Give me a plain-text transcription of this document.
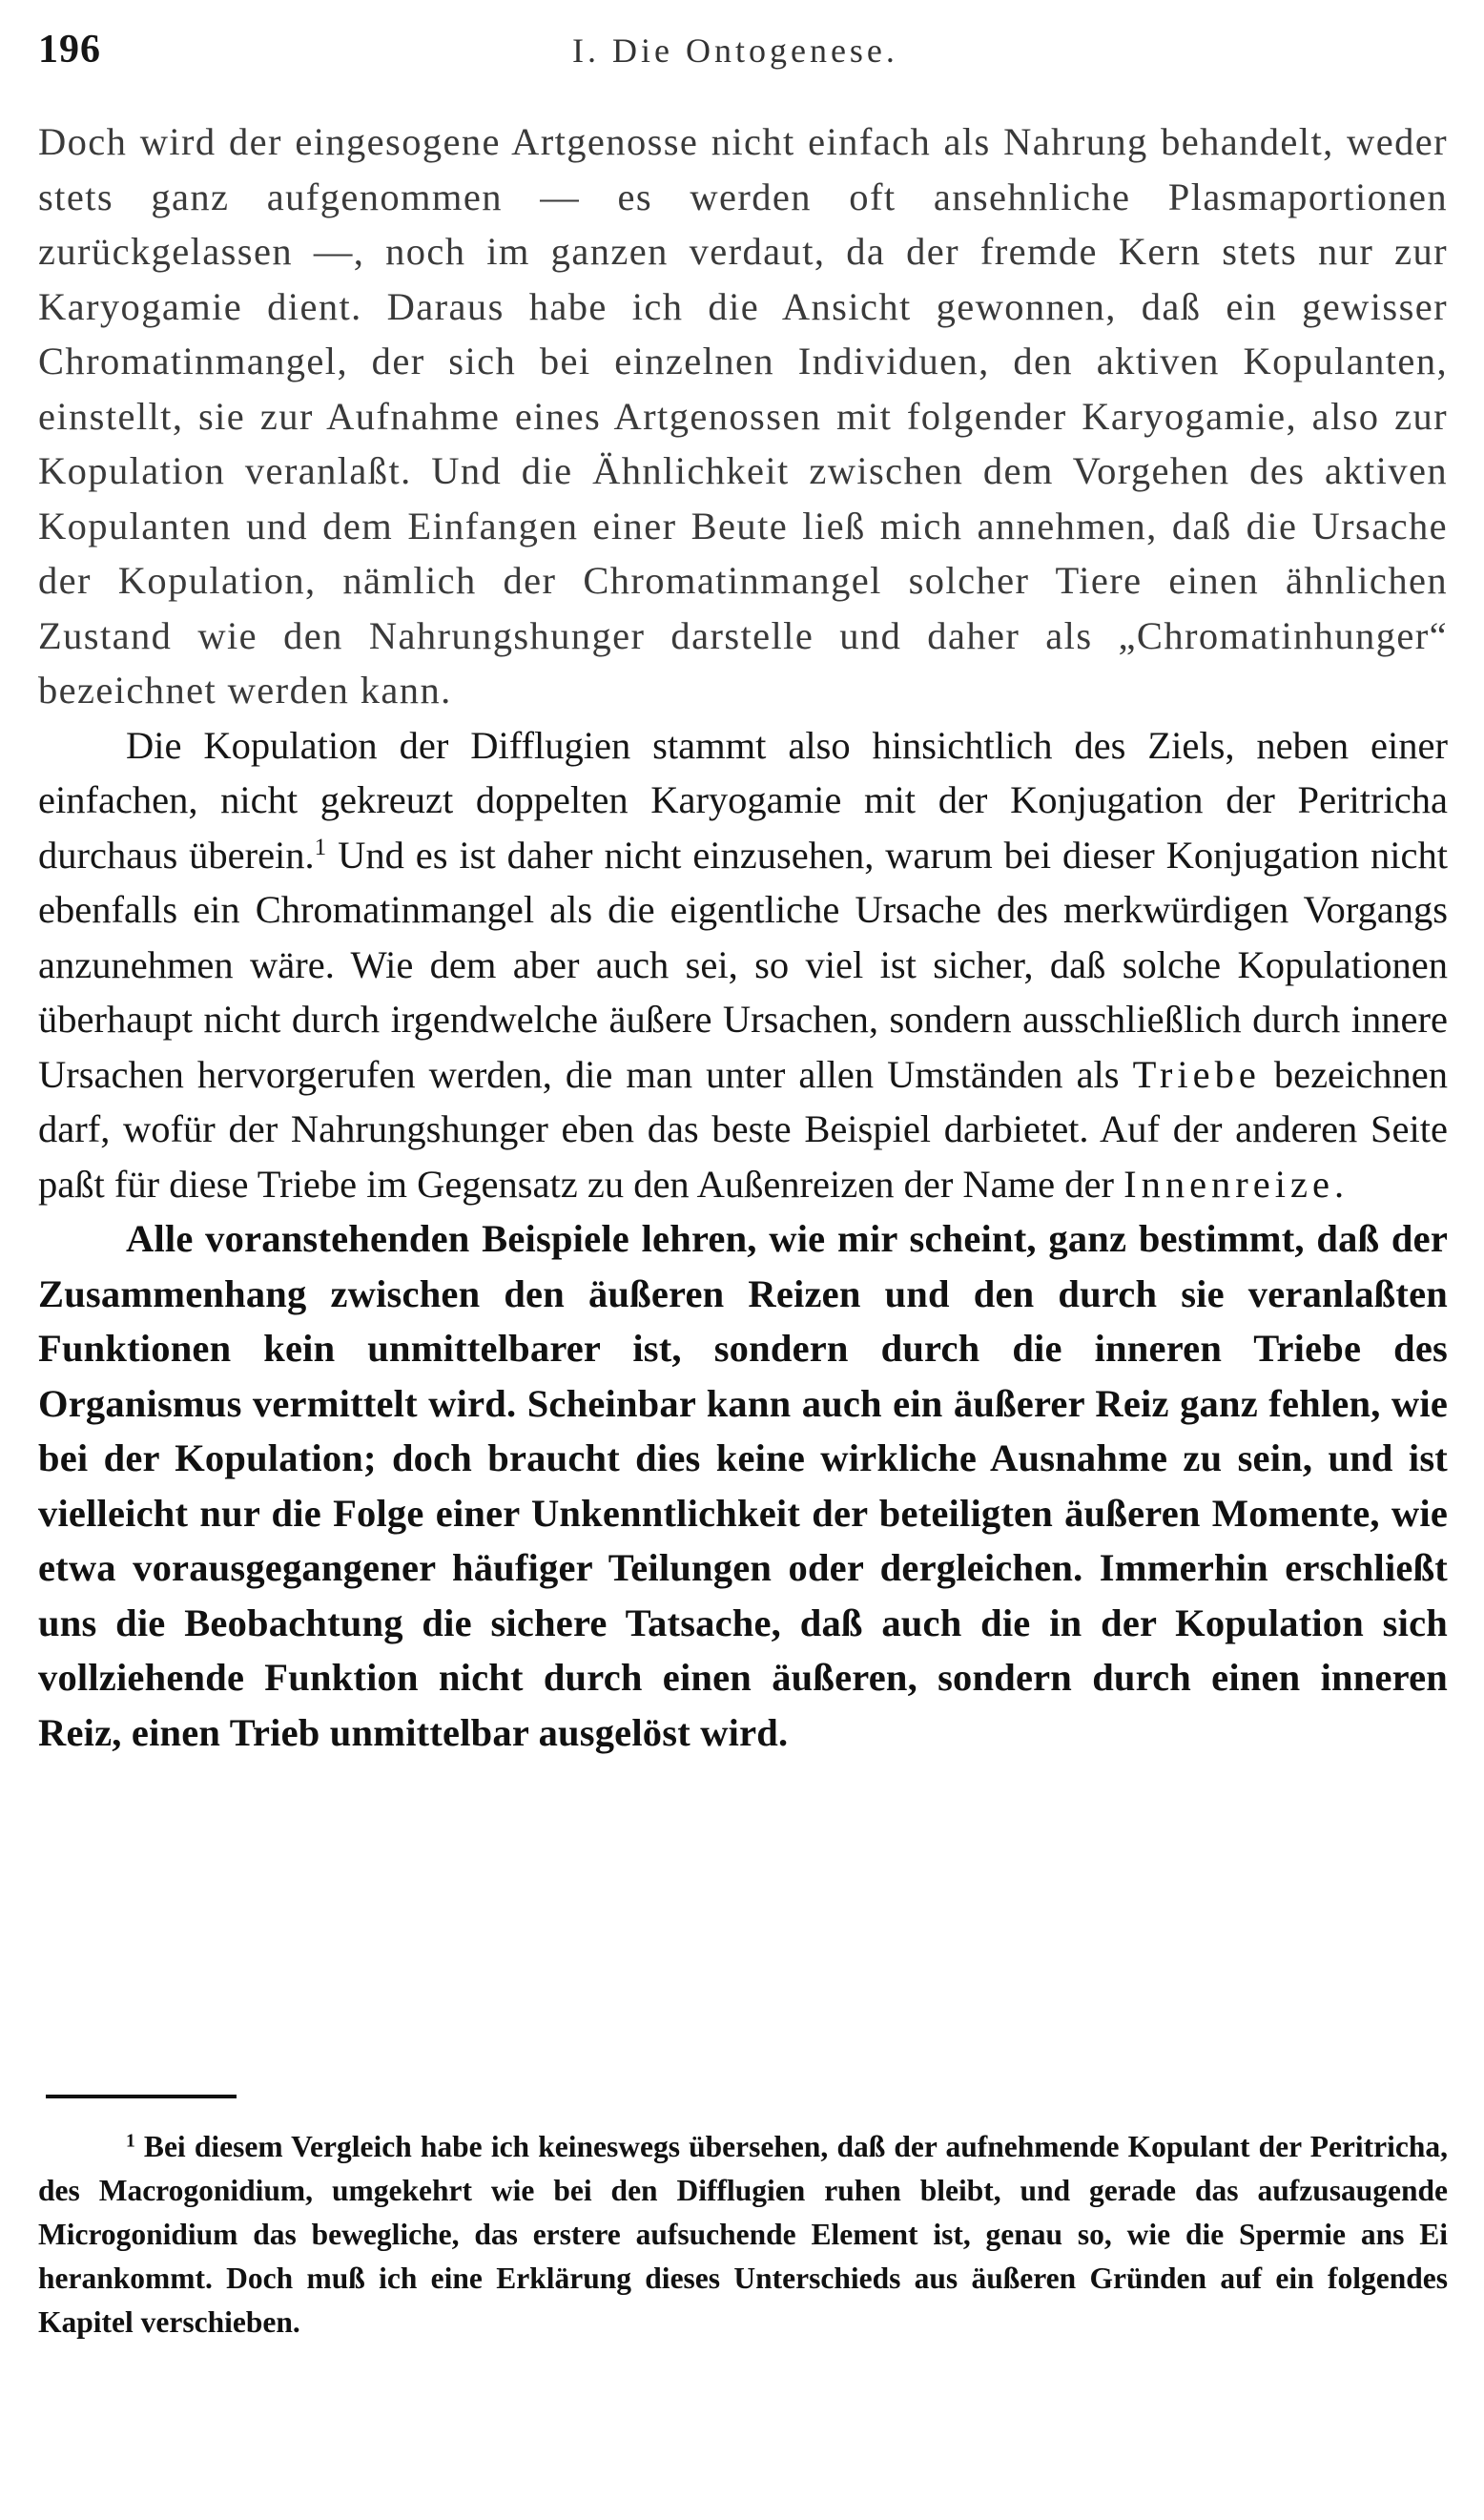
196	I. Die Ontogenese.

Doch wird der eingesogene Artgenosse nicht einfach als Nahrung behandelt, weder stets ganz aufgenommen — es werden oft ansehnliche Plasmaportionen zurückgelassen —, noch im ganzen verdaut, da der fremde Kern stets nur zur Karyogamie dient. Daraus habe ich die Ansicht gewonnen, daß ein gewisser Chromatinmangel, der sich bei einzelnen Individuen, den aktiven Kopulanten, einstellt, sie zur Aufnahme eines Artgenossen mit folgender Karyogamie, also zur Kopulation veranlaßt. Und die Ähnlichkeit zwischen dem Vorgehen des aktiven Kopulanten und dem Einfangen einer Beute ließ mich annehmen, daß die Ursache der Kopulation, nämlich der Chromatinmangel solcher Tiere einen ähnlichen Zustand wie den Nahrungshunger darstelle und daher als „Chromatinhunger“ bezeichnet werden kann.

Die Kopulation der Difflugien stammt also hinsichtlich des Ziels, neben einer einfachen, nicht gekreuzt doppelten Karyogamie mit der Konjugation der Peritricha durchaus überein.$^1$ Und es ist daher nicht einzusehen, warum bei dieser Konjugation nicht ebenfalls ein Chromatinmangel als die eigentliche Ursache des merkwürdigen Vorgangs anzunehmen wäre. Wie dem aber auch sei, so viel ist sicher, daß solche Kopulationen überhaupt nicht durch irgendwelche äußere Ursachen, sondern ausschließlich durch innere Ursachen hervorgerufen werden, die man unter allen Umständen als Triebe bezeichnen darf, wofür der Nahrungshunger eben das beste Beispiel darbietet. Auf der anderen Seite paßt für diese Triebe im Gegensatz zu den Außenreizen der Name der Innenreize.

Alle voranstehenden Beispiele lehren, wie mir scheint, ganz bestimmt, daß der Zusammenhang zwischen den äußeren Reizen und den durch sie veranlaßten Funktionen kein unmittelbarer ist, sondern durch die inneren Triebe des Organismus vermittelt wird. Scheinbar kann auch ein äußerer Reiz ganz fehlen, wie bei der Kopulation; doch braucht dies keine wirkliche Ausnahme zu sein, und ist vielleicht nur die Folge einer Unkenntlichkeit der beteiligten äußeren Momente, wie etwa vorausgegangener häufiger Teilungen oder dergleichen. Immerhin erschließt uns die Beobachtung die sichere Tatsache, daß auch die in der Kopulation sich vollziehende Funktion nicht durch einen äußeren, sondern durch einen inneren Reiz, einen Trieb unmittelbar ausgelöst wird.

$^1$ Bei diesem Vergleich habe ich keineswegs übersehen, daß der aufnehmende Kopulant der Peritricha, des Macrogonidium, umgekehrt wie bei den Difflugien ruhen bleibt, und gerade das aufzusaugende Microgonidium das bewegliche, das erstere aufsuchende Element ist, genau so, wie die Spermie ans Ei herankommt. Doch muß ich eine Erklärung dieses Unterschieds aus äußeren Gründen auf ein folgendes Kapitel verschieben.
